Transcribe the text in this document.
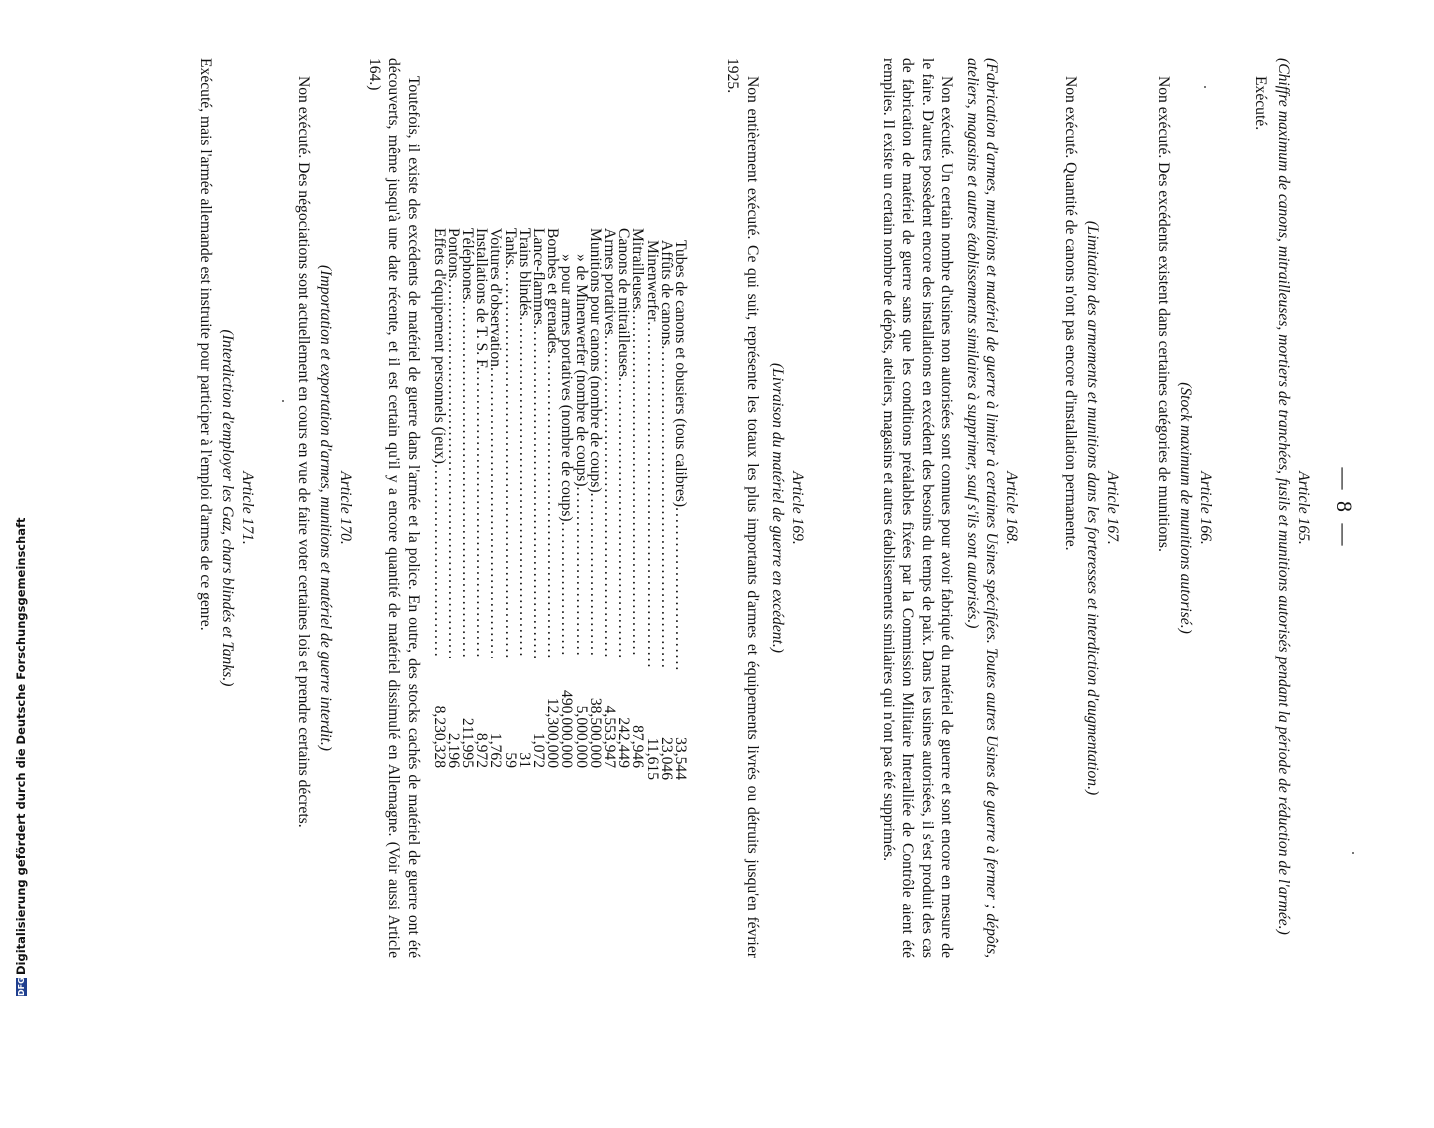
— 8 —

Article 165.

(Chiffre maximum de canons, mitrailleuses, mortiers de tranchées, fusils et munitions autorisés pendant la période de réduction de l'armée.)

Exécuté.

Article 166.

(Stock maximum de munitions autorisé.)

Non exécuté. Des excédents existent dans certaines catégories de munitions.

Article 167.

(Limitation des armements et munitions dans les forteresses et interdiction d'augmentation.)

Non exécuté. Quantité de canons n'ont pas encore d'installation permanente.

Article 168.

(Fabrication d'armes, munitions et matériel de guerre à limiter à certaines Usines spécifiées. Toutes autres Usines de guerre à fermer ; dépôts, ateliers, magasins et autres établissements similaires à supprimer, sauf s'ils sont autorisés.)

Non exécuté. Un certain nombre d'usines non autorisées sont connues pour avoir fabriqué du matériel de guerre et sont encore en mesure de le faire. D'autres possèdent encore des installations en excédent des besoins du temps de paix. Dans les usines autorisées, il s'est produit des cas de fabrication de matériel de guerre sans que les conditions préalables fixées par la Commission Militaire Interalliée de Contrôle aient été remplies. Il existe un certain nombre de dépôts, ateliers, magasins et autres établissements similaires qui n'ont pas été supprimés.

Article 169.

(Livraison du matériel de guerre en excédent.)

Non entièrement exécuté. Ce qui suit, représente les totaux les plus importants d'armes et équipements livrés ou détruits jusqu'en février 1925.

Tubes de canons et obusiers (tous calibres)
.....
33,544
Affûts de canons
.....
23,046
Minenwerfer
.....
11,615
Mitrailleuses
.....
87,946
Canons de mitrailleuses
.....
242,449
Armes portatives
.....
4,553,947
Munitions pour canons (nombre de coups)
.....
38,500,000
» de Minenwerfer (nombre de coups)
.....
5,000,000
» pour armes portatives (nombre de coups)
.....
490,000,000
Bombes et grenades
.....
12,300,000
Lance-flammes
.....
1,072
Trains blindés
.....
31
Tanks
.....
59
Voitures d'observation
.....
1,762
Installations de T. S. F.
.....
8,972
Téléphones
.....
211,995
Pontons
.....
2,196
Effets d'équipement personnels (jeux)
.....
8,230,328

Toutefois, il existe des excédents de matériel de guerre dans l'armée et la police. En outre, des stocks cachés de matériel de guerre ont été découverts, même jusqu'à une date récente, et il est certain qu'il y a encore quantité de matériel dissimulé en Allemagne. (Voir aussi Article 164.)

Article 170.

(Importation et exportation d'armes, munitions et matériel de guerre interdit.)

Non exécuté. Des négociations sont actuellement en cours en vue de faire voter certaines lois et prendre certains décrets.

Article 171.

(Interdiction d'employer les Gaz, chars blindés et Tanks.)

Exécuté, mais l'armée allemande est instruite pour participer à l'emploi d'armes de ce genre.

DFG
Digitalisierung gefördert durch die Deutsche Forschungsgemeinschaft
